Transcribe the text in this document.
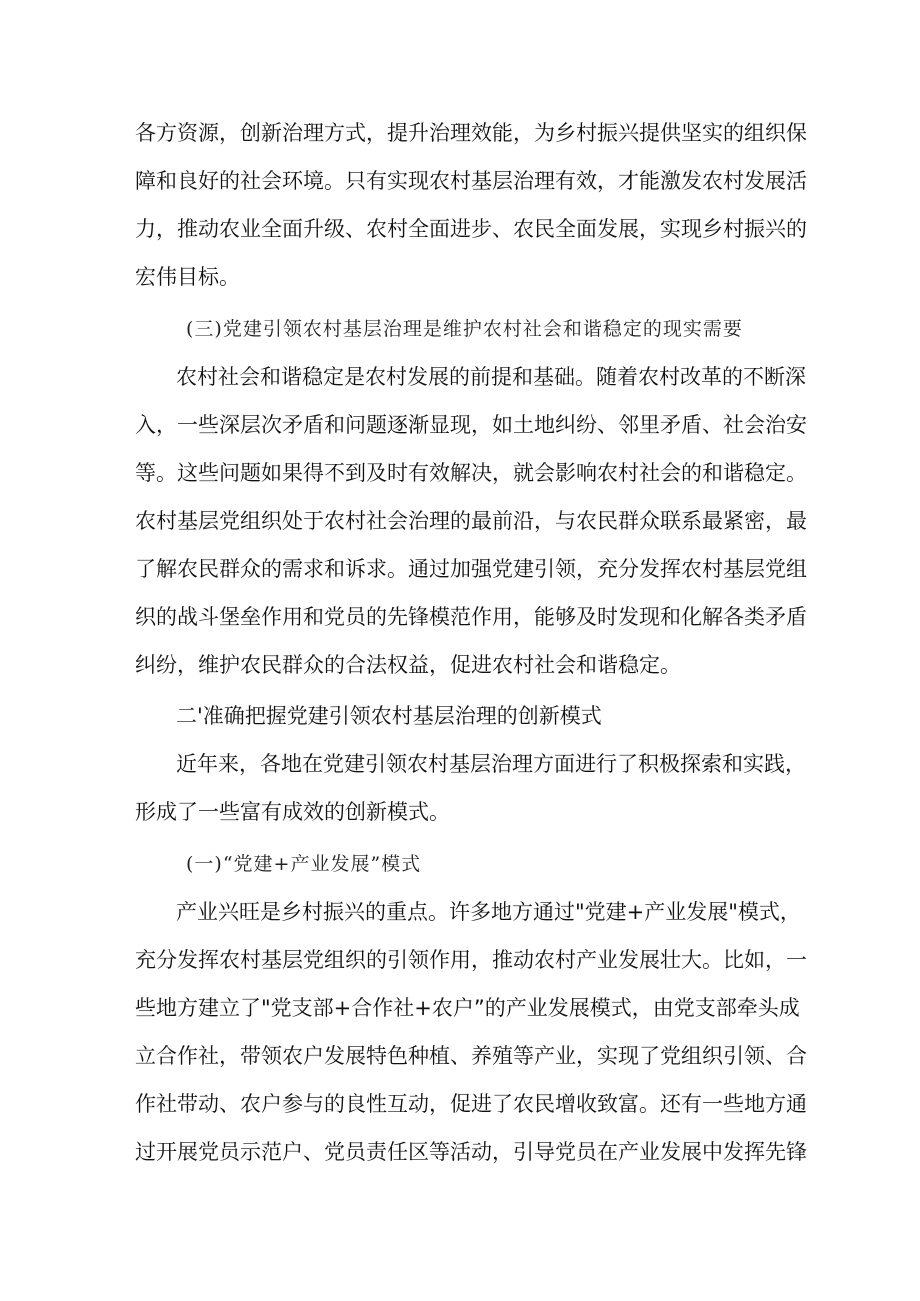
各方资源，创新治理方式，提升治理效能，为乡村振兴提供坚实的组织保
障和良好的社会环境。只有实现农村基层治理有效，才能激发农村发展活
力，推动农业全面升级、农村全面进步、农民全面发展，实现乡村振兴的
宏伟目标。
(三)党建引领农村基层治理是维护农村社会和谐稳定的现实需要
农村社会和谐稳定是农村发展的前提和基础。随着农村改革的不断深
入，一些深层次矛盾和问题逐渐显现，如土地纠纷、邻里矛盾、社会治安
等。这些问题如果得不到及时有效解决，就会影响农村社会的和谐稳定。
农村基层党组织处于农村社会治理的最前沿，与农民群众联系最紧密，最
了解农民群众的需求和诉求。通过加强党建引领，充分发挥农村基层党组
织的战斗堡垒作用和党员的先锋模范作用，能够及时发现和化解各类矛盾
纠纷，维护农民群众的合法权益，促进农村社会和谐稳定。
二'准确把握党建引领农村基层治理的创新模式
近年来，各地在党建引领农村基层治理方面进行了积极探索和实践，
形成了一些富有成效的创新模式。
(一)“党建+产业发展”模式
产业兴旺是乡村振兴的重点。许多地方通过"党建+产业发展"模式，
充分发挥农村基层党组织的引领作用，推动农村产业发展壮大。比如，一
些地方建立了"党支部+合作社+农户”的产业发展模式，由党支部牵头成
立合作社，带领农户发展特色种植、养殖等产业，实现了党组织引领、合
作社带动、农户参与的良性互动，促进了农民增收致富。还有一些地方通
过开展党员示范户、党员责任区等活动，引导党员在产业发展中发挥先锋
